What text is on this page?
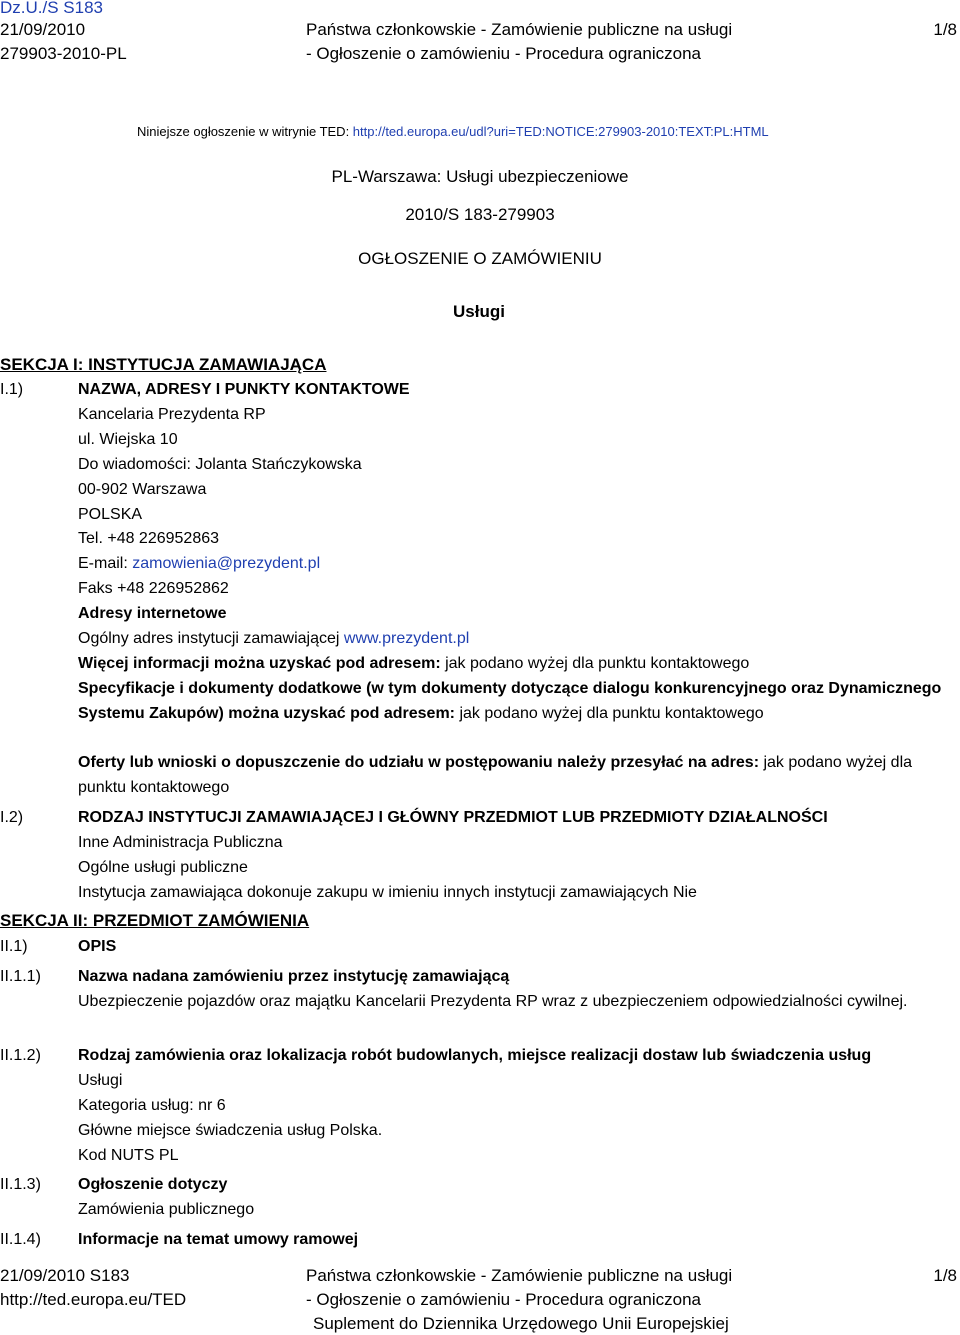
Dz.U./S S183
21/09/2010
279903-2010-PL
Państwa członkowskie - Zamówienie publiczne na usługi
- Ogłoszenie o zamówieniu - Procedura ograniczona
1/8
Niniejsze ogłoszenie w witrynie TED: http://ted.europa.eu/udl?uri=TED:NOTICE:279903-2010:TEXT:PL:HTML
PL-Warszawa: Usługi ubezpieczeniowe
2010/S 183-279903
OGŁOSZENIE O ZAMÓWIENIU
Usługi
SEKCJA I: INSTYTUCJA ZAMAWIAJĄCA
I.1)	NAZWA, ADRESY I PUNKTY KONTAKTOWE
Kancelaria Prezydenta RP
ul. Wiejska 10
Do wiadomości: Jolanta Stańczykowska
00-902 Warszawa
POLSKA
Tel. +48 226952863
E-mail: zamowienia@prezydent.pl
Faks +48 226952862
Adresy internetowe
Ogólny adres instytucji zamawiającej www.prezydent.pl
Więcej informacji można uzyskać pod adresem: jak podano wyżej dla punktu kontaktowego
Specyfikacje i dokumenty dodatkowe (w tym dokumenty dotyczące dialogu konkurencyjnego oraz Dynamicznego Systemu Zakupów) można uzyskać pod adresem: jak podano wyżej dla punktu kontaktowego
Oferty lub wnioski o dopuszczenie do udziału w postępowaniu należy przesyłać na adres: jak podano wyżej dla punktu kontaktowego
I.2)	RODZAJ INSTYTUCJI ZAMAWIAJĄCEJ I GŁÓWNY PRZEDMIOT LUB PRZEDMIOTY DZIAŁALNOŚCI
Inne Administracja Publiczna
Ogólne usługi publiczne
Instytucja zamawiająca dokonuje zakupu w imieniu innych instytucji zamawiających Nie
SEKCJA II: PRZEDMIOT ZAMÓWIENIA
II.1)	OPIS
II.1.1) Nazwa nadana zamówieniu przez instytucję zamawiającą
Ubezpieczenie pojazdów oraz majątku Kancelarii Prezydenta RP wraz z ubezpieczeniem odpowiedzialności cywilnej.
II.1.2) Rodzaj zamówienia oraz lokalizacja robót budowlanych, miejsce realizacji dostaw lub świadczenia usług
Usługi
Kategoria usług: nr 6
Główne miejsce świadczenia usług Polska.
Kod NUTS PL
II.1.3) Ogłoszenie dotyczy
Zamówienia publicznego
II.1.4) Informacje na temat umowy ramowej
21/09/2010 S183
http://ted.europa.eu/TED
Państwa członkowskie - Zamówienie publiczne na usługi
- Ogłoszenie o zamówieniu - Procedura ograniczona
Suplement do Dziennika Urzędowego Unii Europejskiej
1/8
